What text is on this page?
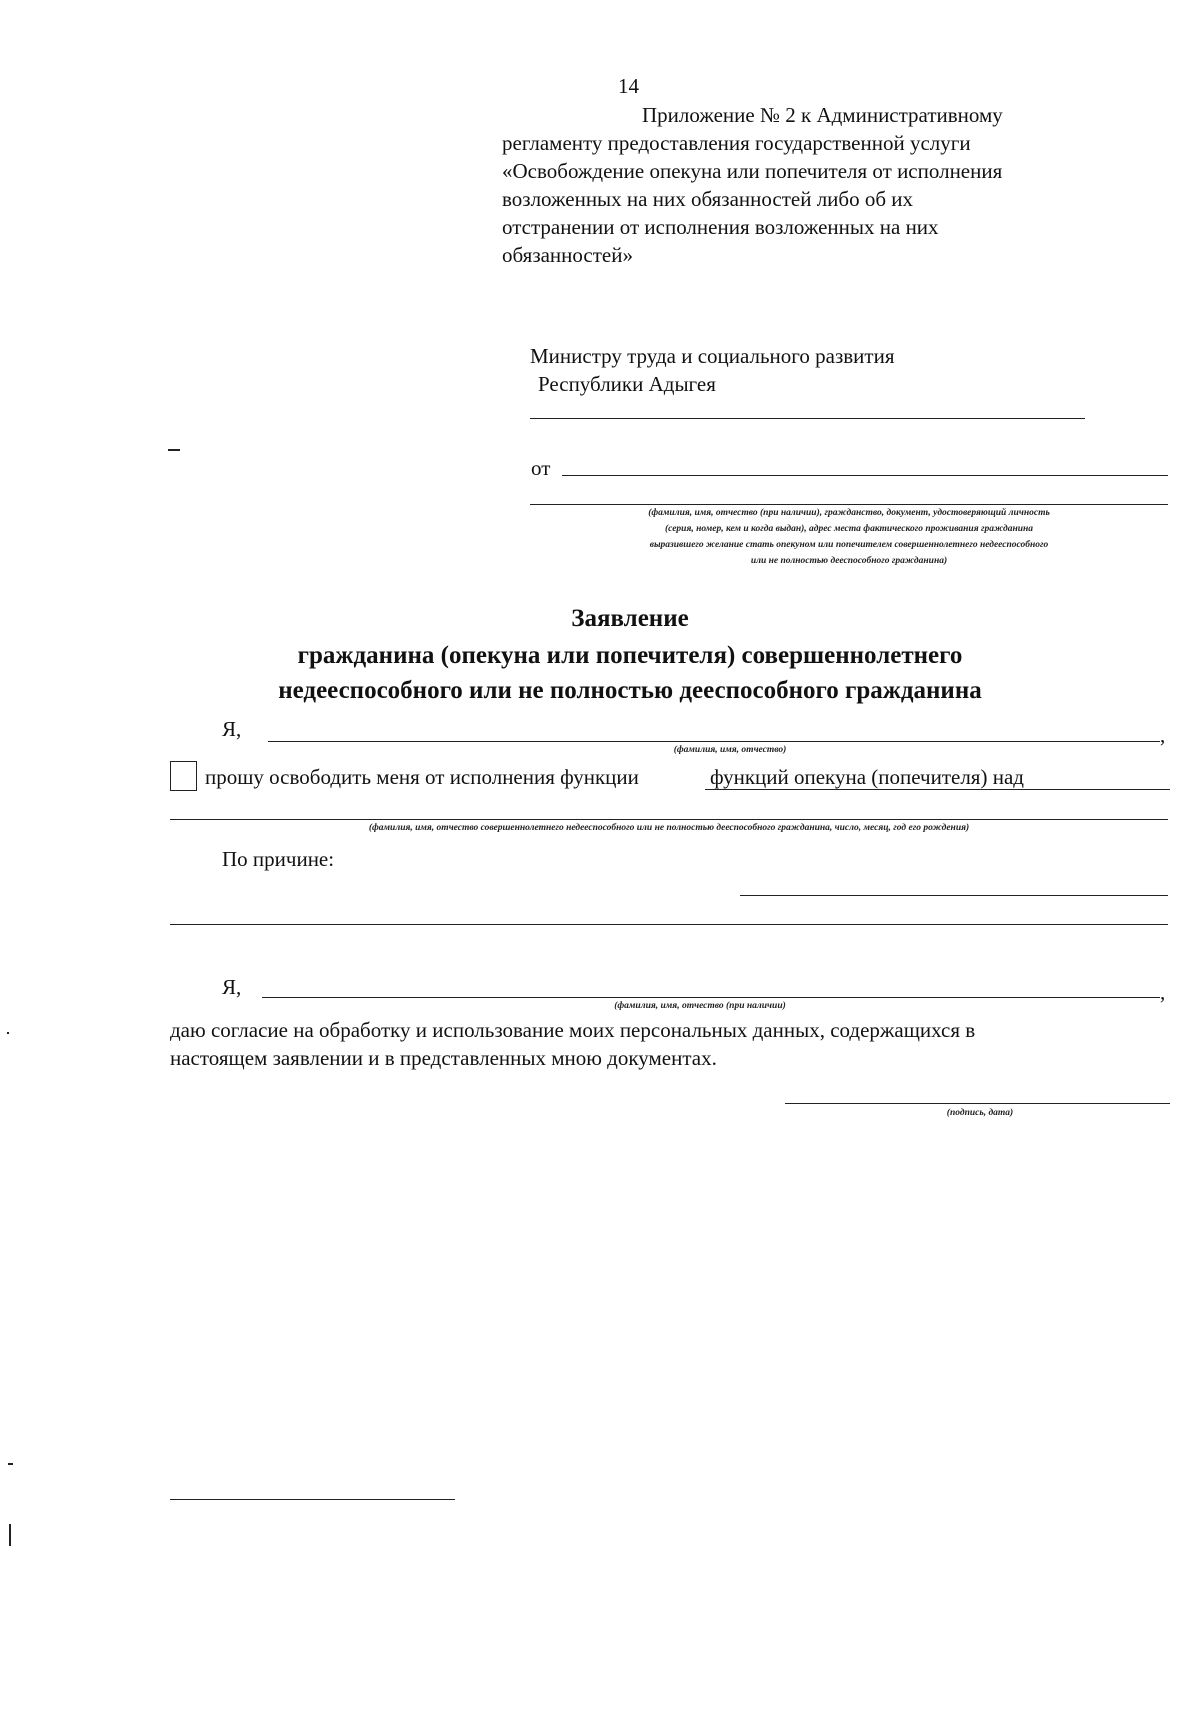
14
Приложение № 2 к Административному
регламенту предоставления государственной услуги
«Освобождение опекуна или попечителя от исполнения
возложенных на них обязанностей либо об их
отстранении от исполнения возложенных на них
обязанностей»
Министру труда и социального развития
Республики Адыгея
от
(фамилия, имя, отчество (при наличии), гражданство, документ, удостоверяющий личность
(серия, номер, кем и когда выдан), адрес места фактического проживания гражданина
выразившего желание стать опекуном или попечителем совершеннолетнего недееспособного
или не полностью дееспособного гражданина)
Заявление
гражданина (опекуна или попечителя) совершеннолетнего
недееспособного или не полностью дееспособного гражданина
Я,	,
(фамилия, имя, отчество)
прошу освободить меня от исполнения функции	функций опекуна (попечителя) над
(фамилия, имя, отчество совершеннолетнего недееспособного или не полностью дееспособного гражданина, число, месяц, год его рождения)
По причине:
Я,	,
(фамилия, имя, отчество (при наличии)
даю согласие на обработку и использование моих персональных данных, содержащихся в
настоящем заявлении и в представленных мною документах.
(подпись, дата)
